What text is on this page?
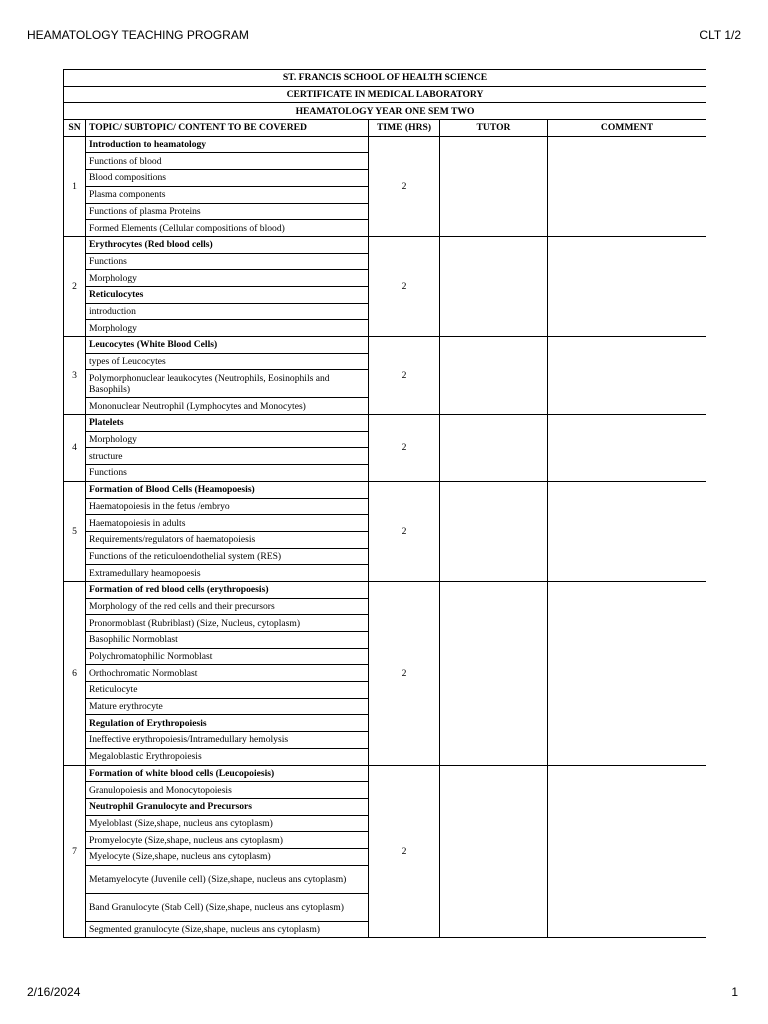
HEAMATOLOGY TEACHING PROGRAM	CLT 1/2
ST. FRANCIS SCHOOL OF HEALTH SCIENCE				
CERTIFICATE IN MEDICAL LABORATORY				
HEAMATOLOGY YEAR ONE SEM TWO				
SN	TOPIC/ SUBTOPIC/ CONTENT TO BE COVERED	TIME (HRS)	TUTOR	COMMENT
1	Introduction to heamatology	2		
	Functions of blood			
	Blood compositions			
	Plasma components			
	Functions of plasma Proteins			
	Formed Elements (Cellular compositions of blood)			
2	Erythrocytes (Red blood cells)	2		
	Functions			
	Morphology			
	Reticulocytes			
	introduction			
	Morphology			
3	Leucocytes (White Blood Cells)	2		
	types of Leucocytes			
	Polymorphonuclear leaukocytes (Neutrophils, Eosinophils and Basophils)			
	Mononuclear Neutrophil (Lymphocytes and Monocytes)			
4	Platelets	2		
	Morphology			
	structure			
	Functions			
5	Formation of Blood Cells (Heamopoesis)	2		
	Haematopoiesis in the fetus /embryo			
	Haematopoiesis in adults			
	Requirements/regulators of haematopoiesis			
	Functions of the reticuloendothelial system (RES)			
	Extramedullary heamopoesis			
6	Formation of red blood cells (erythropoesis)	2		
	Morphology of the red cells and their precursors			
	Pronormoblast (Rubriblast) (Size, Nucleus, cytoplasm)			
	Basophilic Normoblast			
	Polychromatophilic Normoblast			
	Orthochromatic Normoblast			
	Reticulocyte			
	Mature erythrocyte			
	Regulation of Erythropoiesis			
	Ineffective erythropoiesis/Intramedullary hemolysis			
	Megaloblastic Erythropoiesis			
7	Formation of white blood cells (Leucopoiesis)	2		
	Granulopoiesis and Monocytopoiesis			
	Neutrophil Granulocyte and Precursors			
	Myeloblast (Size,shape, nucleus ans cytoplasm)			
	Promyelocyte (Size,shape, nucleus ans cytoplasm)			
	Myelocyte (Size,shape, nucleus ans cytoplasm)			
	Metamyelocyte (Juvenile cell) (Size,shape, nucleus ans cytoplasm)			
	Band Granulocyte (Stab Cell) (Size,shape, nucleus ans cytoplasm)			
	Segmented granulocyte (Size,shape, nucleus ans cytoplasm)			
2/16/2024	1
